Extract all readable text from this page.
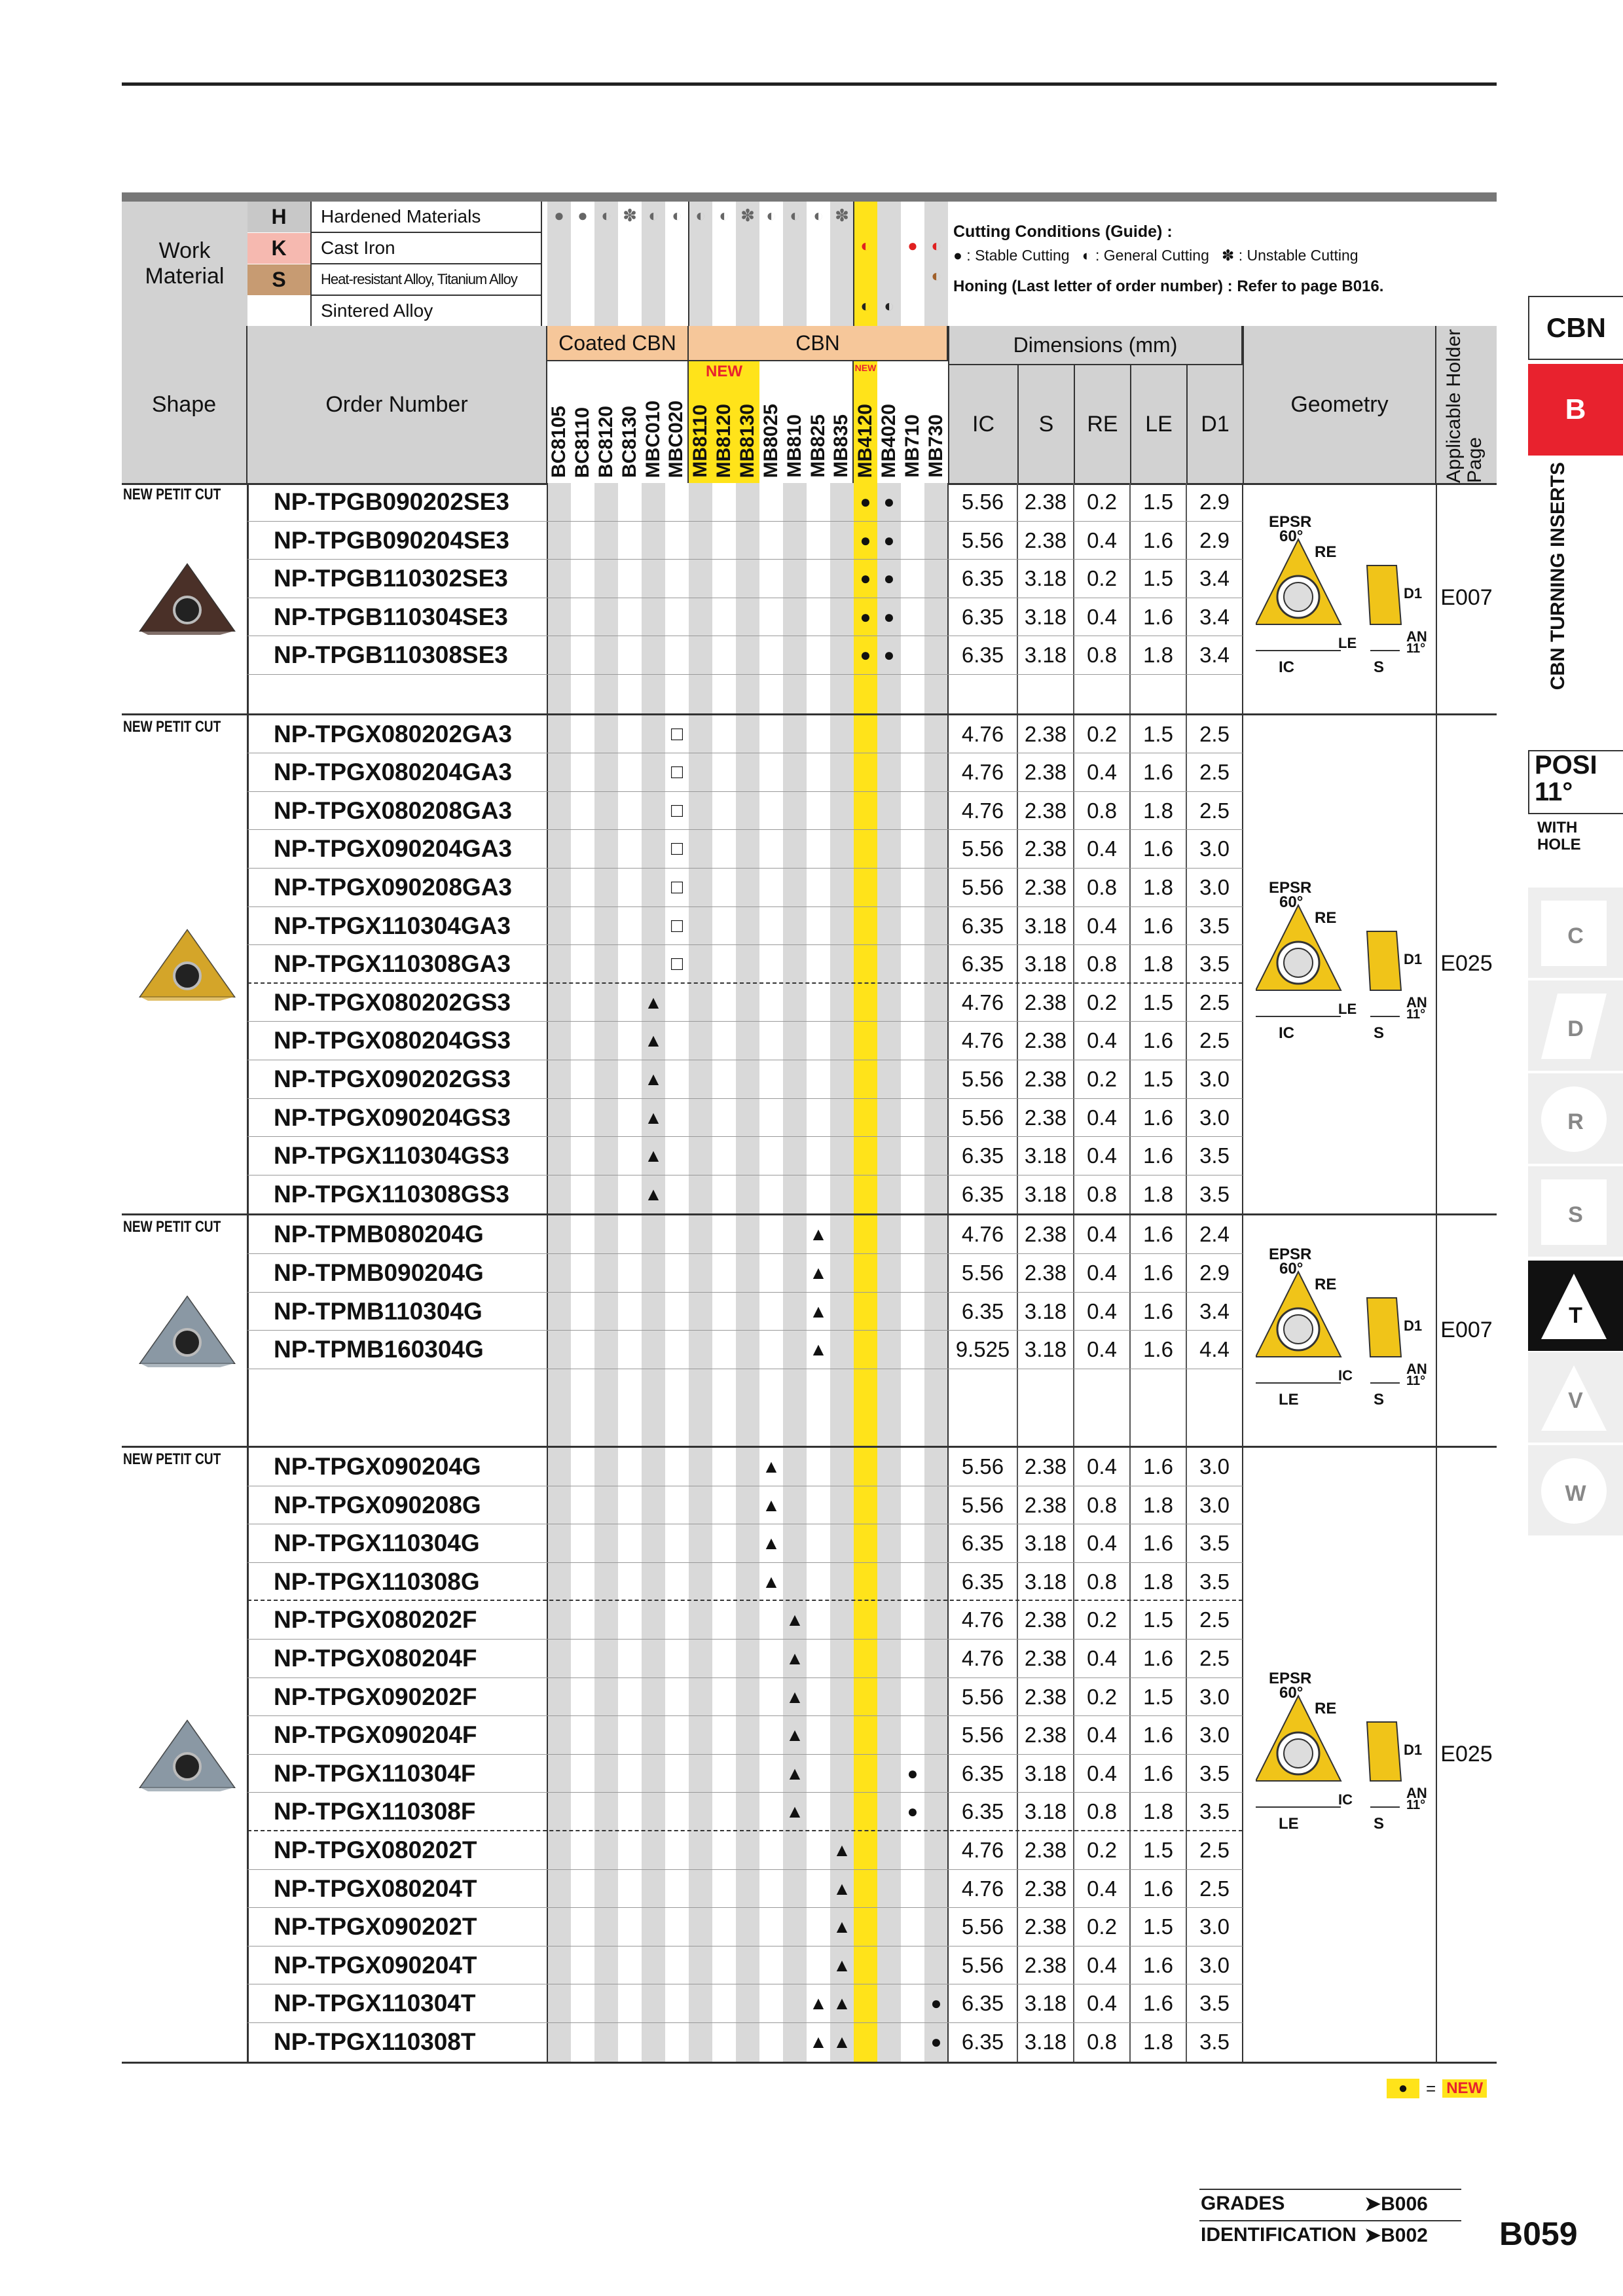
Work Material
H
K
S
Hardened Materials
Cast Iron
Heat-resistant Alloy, Titanium Alloy
Sintered Alloy
● ● ◐ ✽ ◐ ◐ ◐ ◐ ✽ ◐ ◐ ◐ ✽
◐	● ◐
◐
◐ ◐
Cutting Conditions (Guide) :
● : Stable Cutting ◐ : General Cutting ✽ : Unstable Cutting
Honing (Last letter of order number) : Refer to page B016.
●	= NEW
CBN
B
CBN TURNING INSERTS
POSI
11°
WITH HOLE
C
D
R
S
T
V
W
GRADES	➤B006
IDENTIFICATION ➤B002 B059
Shape	Order Number
Coated CBN	CBN
BC8105 BC8110 BC8120 BC8130 MBC010 MBC020 MB8110 MB8120 MB8130 MB8025 MB810 MB825 MB835 MB4120 MB4020 MB710 MB730
NEW	NEW
Dimensions (mm)
IC	S	RE	LE	D1
Geometry	Applicable Holder Page
NEW PETIT CUT NP-TPGB090202SE3	● ●	5.56 2.38 0.2	1.5	2.9
NP-TPGB090204SE3	● ●	5.56 2.38 0.4	1.6	2.9
NP-TPGB110302SE3	● ●	6.35 3.18 0.2	1.5	3.4
NP-TPGB110304SE3	● ●	6.35 3.18 0.4	1.6	3.4
NP-TPGB110308SE3	● ●	6.35 3.18 0.8	1.8	3.4
EPSR
60°
RE
IC
LE
S
D1
AN
11°
E007
NEW PETIT CUT NP-TPGX080202GA3	□	4.76 2.38 0.2	1.5	2.5
NP-TPGX080204GA3	□	4.76 2.38 0.4	1.6	2.5
NP-TPGX080208GA3	□	4.76 2.38 0.8	1.8	2.5
NP-TPGX090204GA3	□	5.56 2.38 0.4	1.6	3.0
NP-TPGX090208GA3	□	5.56 2.38 0.8	1.8	3.0
NP-TPGX110304GA3	□	6.35 3.18 0.4	1.6	3.5
NP-TPGX110308GA3	□	6.35 3.18 0.8	1.8	3.5
NP-TPGX080202GS3	▲	4.76 2.38 0.2	1.5	2.5
NP-TPGX080204GS3	▲	4.76 2.38 0.4	1.6	2.5
NP-TPGX090202GS3	▲	5.56 2.38 0.2	1.5	3.0
NP-TPGX090204GS3	▲	5.56 2.38 0.4	1.6	3.0
NP-TPGX110304GS3	▲	6.35 3.18 0.4	1.6	3.5
NP-TPGX110308GS3	▲	6.35 3.18 0.8	1.8	3.5
EPSR
60°
RE
IC
LE
S
D1
AN
11°
E025
NEW PETIT CUT NP-TPMB080204G	▲	4.76 2.38 0.4	1.6	2.4
NP-TPMB090204G	▲	5.56 2.38 0.4	1.6	2.9
NP-TPMB110304G	▲	6.35 3.18 0.4	1.6	3.4
NP-TPMB160304G	▲	9.525 3.18 0.4	1.6	4.4
EPSR
60°
RE
LE
IC
S
D1
AN
11°
E007
NEW PETIT CUT NP-TPGX090204G	▲	5.56 2.38 0.4	1.6	3.0
NP-TPGX090208G	▲	5.56 2.38 0.8	1.8	3.0
NP-TPGX110304G	▲	6.35 3.18 0.4	1.6	3.5
NP-TPGX110308G	▲	6.35 3.18 0.8	1.8	3.5
NP-TPGX080202F	▲	4.76 2.38 0.2	1.5	2.5
NP-TPGX080204F	▲	4.76 2.38 0.4	1.6	2.5
NP-TPGX090202F	▲	5.56 2.38 0.2	1.5	3.0
NP-TPGX090204F	▲	5.56 2.38 0.4	1.6	3.0
NP-TPGX110304F	▲	●	6.35 3.18 0.4	1.6	3.5
NP-TPGX110308F	▲	●	6.35 3.18 0.8	1.8	3.5
NP-TPGX080202T	▲	4.76 2.38 0.2	1.5	2.5
NP-TPGX080204T	▲	4.76 2.38 0.4	1.6	2.5
NP-TPGX090202T	▲	5.56 2.38 0.2	1.5	3.0
NP-TPGX090204T	▲	5.56 2.38 0.4	1.6	3.0
NP-TPGX110304T	▲ ▲	● 6.35 3.18 0.4	1.6	3.5
NP-TPGX110308T	▲ ▲	● 6.35 3.18 0.8	1.8	3.5
EPSR
60°
RE
LE
IC
S
D1
AN
11°
E025
